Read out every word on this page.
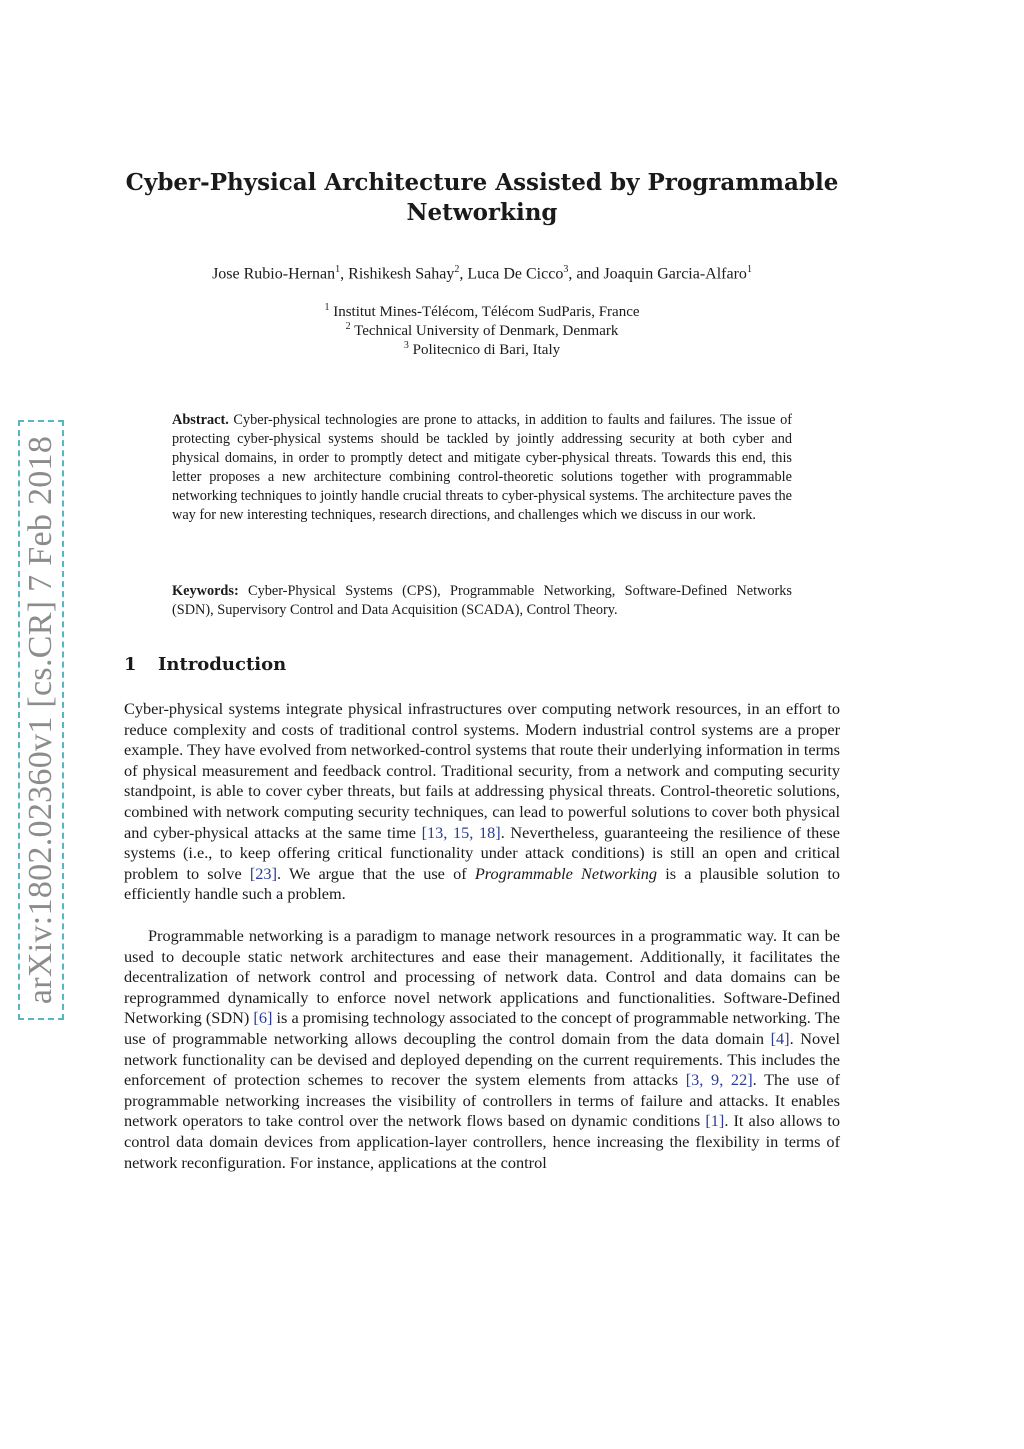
arXiv:1802.02360v1 [cs.CR] 7 Feb 2018
Cyber-Physical Architecture Assisted by Programmable
Networking
Jose Rubio-Hernan$^1$, Rishikesh Sahay$^2$, Luca De Cicco$^3$, and Joaquin Garcia-Alfaro$^1$
$^1$ Institut Mines-Télécom, Télécom SudParis, France
$^2$ Technical University of Denmark, Denmark
$^3$ Politecnico di Bari, Italy

Abstract. Cyber-physical technologies are prone to attacks, in addition to faults and failures. The issue of protecting cyber-physical systems should be tackled by jointly addressing security at both cyber and physical domains, in order to promptly detect and mitigate cyber-physical threats. Towards this end, this letter proposes a new architecture combining control-theoretic solutions together with programmable networking techniques to jointly handle crucial threats to cyber-physical systems. The architecture paves the way for new interesting techniques, research directions, and challenges which we discuss in our work.

Keywords: Cyber-Physical Systems (CPS), Programmable Networking, Software-Defined Networks (SDN), Supervisory Control and Data Acquisition (SCADA), Control Theory.

1 Introduction

Cyber-physical systems integrate physical infrastructures over computing network resources, in an effort to reduce complexity and costs of traditional control systems. Modern industrial control systems are a proper example. They have evolved from networked-control systems that route their underlying information in terms of physical measurement and feedback control. Traditional security, from a network and computing security standpoint, is able to cover cyber threats, but fails at addressing physical threats. Control-theoretic solutions, combined with network computing security techniques, can lead to powerful solutions to cover both physical and cyber-physical attacks at the same time [13, 15, 18]. Nevertheless, guaranteeing the resilience of these systems (i.e., to keep offering critical functionality under attack conditions) is still an open and critical problem to solve [23]. We argue that the use of Programmable Networking is a plausible solution to efficiently handle such a problem.

Programmable networking is a paradigm to manage network resources in a programmatic way. It can be used to decouple static network architectures and ease their management. Additionally, it facilitates the decentralization of network control and processing of network data. Control and data domains can be reprogrammed dynamically to enforce novel network applications and functionalities. Software-Defined Networking (SDN) [6] is a promising technology associated to the concept of programmable networking. The use of programmable networking allows decoupling the control domain from the data domain [4]. Novel network functionality can be devised and deployed depending on the current requirements. This includes the enforcement of protection schemes to recover the system elements from attacks [3, 9, 22]. The use of programmable networking increases the visibility of controllers in terms of failure and attacks. It enables network operators to take control over the network flows based on dynamic conditions [1]. It also allows to control data domain devices from application-layer controllers, hence increasing the flexibility in terms of network reconfiguration. For instance, applications at the control
